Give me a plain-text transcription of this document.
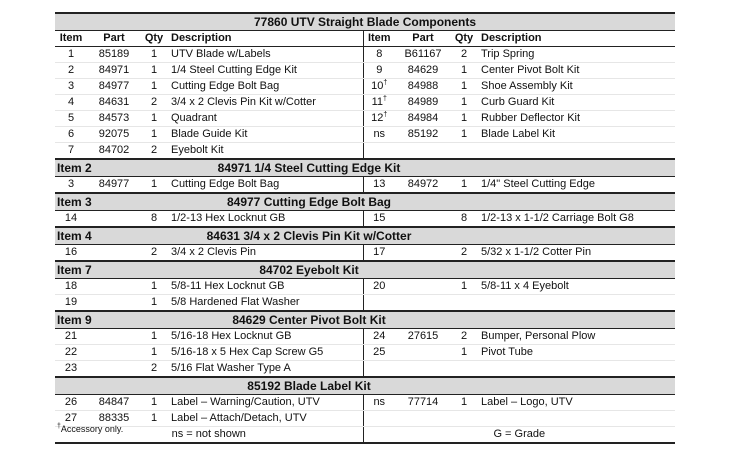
77860 UTV Straight Blade Components							
Item	Part	Qty	Description	Item	Part	Qty	Description
1	85189	1	UTV Blade w/Labels	8	B61167	2	Trip Spring
2	84971	1	1/4 Steel Cutting Edge Kit	9	84629	1	Center Pivot Bolt Kit
3	84977	1	Cutting Edge Bolt Bag	10†	84988	1	Shoe Assembly Kit
4	84631	2	3/4 x 2 Clevis Pin Kit w/Cotter	11†	84989	1	Curb Guard Kit
5	84573	1	Quadrant	12†	84984	1	Rubber Deflector Kit
6	92075	1	Blade Guide Kit	ns	85192	1	Blade Label Kit
7	84702	2	Eyebolt Kit				
Item 2		84971 1/4 Steel Cutting Edge Kit					
3	84977	1	Cutting Edge Bolt Bag	13	84972	1	1/4" Steel Cutting Edge
Item 3		84977 Cutting Edge Bolt Bag					
14		8	1/2-13 Hex Locknut GB	15		8	1/2-13 x 1-1/2 Carriage Bolt G8
Item 4		84631 3/4 x 2 Clevis Pin Kit w/Cotter					
16		2	3/4 x 2 Clevis Pin	17		2	5/32 x 1-1/2 Cotter Pin
Item 7		84702 Eyebolt Kit					
18		1	5/8-11 Hex Locknut GB	20		1	5/8-11 x 4 Eyebolt
19		1	5/8 Hardened Flat Washer				
Item 9		84629 Center Pivot Bolt Kit					
21		1	5/16-18 Hex Locknut GB	24	27615	2	Bumper, Personal Plow
22		1	5/16-18 x 5 Hex Cap Screw G5	25		1	Pivot Tube
23		2	5/16 Flat Washer Type A				
		85192 Blade Label Kit					
26	84847	1	Label – Warning/Caution, UTV	ns	77714	1	Label – Logo, UTV
27	88335	1	Label – Attach/Detach, UTV				
ns = not shown				G = Grade			
†Accessory only.
